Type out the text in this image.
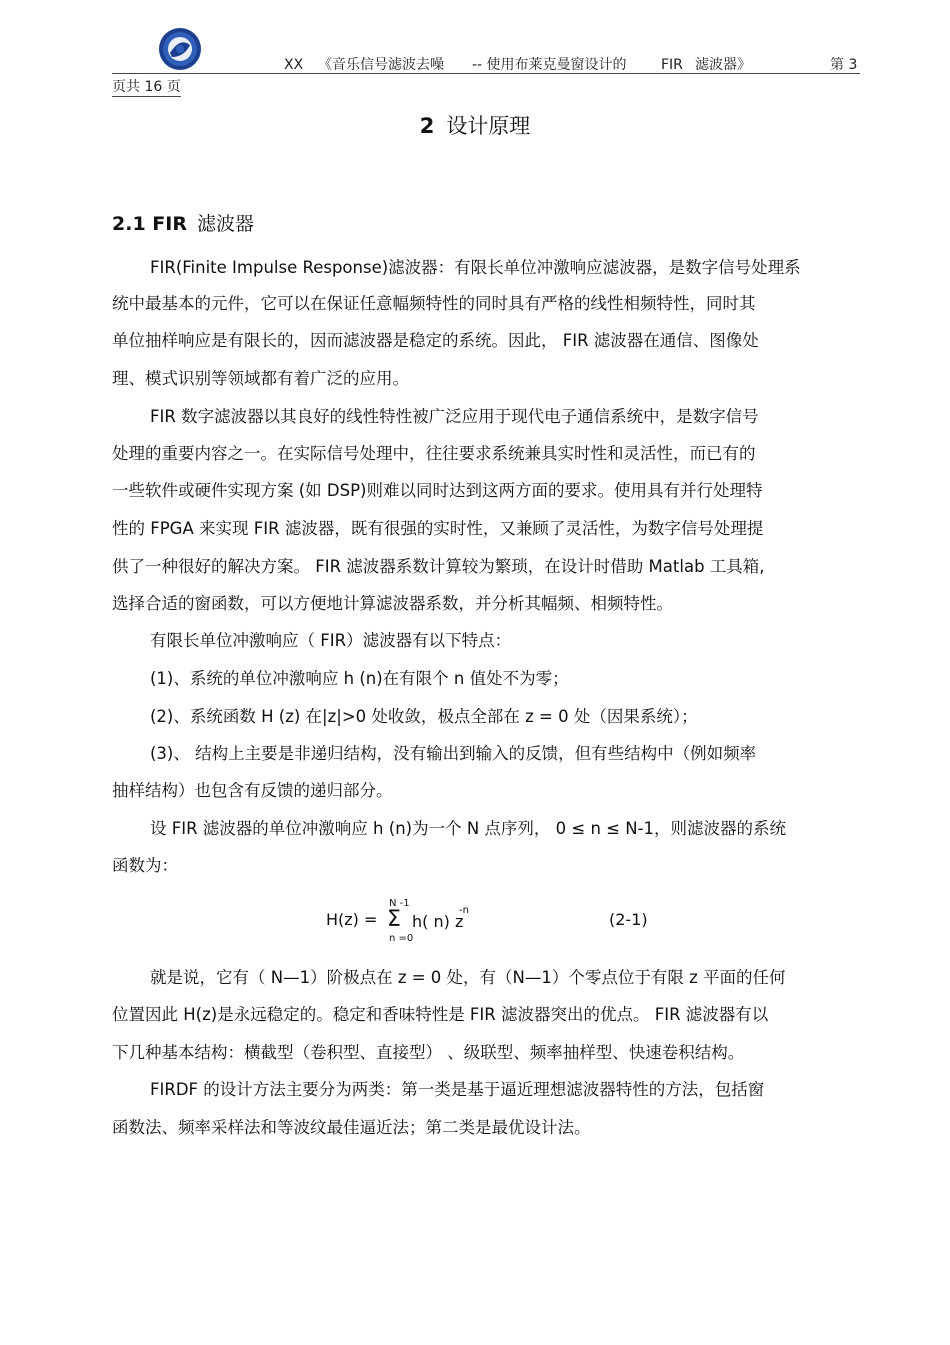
XX 《音乐信号滤波去噪 -- 使用布莱克曼窗设计的 FIR 滤波器》	第 3
页共 16 页
2 设计原理
2.1 FIR 滤波器
FIR(Finite Impulse Response)滤波器：有限长单位冲激响应滤波器，是数字信号处理系
统中最基本的元件，它可以在保证任意幅频特性的同时具有严格的线性相频特性，同时其
单位抽样响应是有限长的，因而滤波器是稳定的系统。因此， FIR 滤波器在通信、图像处
理、模式识别等领域都有着广泛的应用。
FIR 数字滤波器以其良好的线性特性被广泛应用于现代电子通信系统中，是数字信号
处理的重要内容之一。在实际信号处理中，往往要求系统兼具实时性和灵活性，而已有的
一些软件或硬件实现方案 (如 DSP)则难以同时达到这两方面的要求。使用具有并行处理特
性的 FPGA 来实现 FIR 滤波器，既有很强的实时性，又兼顾了灵活性，为数字信号处理提
供了一种很好的解决方案。 FIR 滤波器系数计算较为繁琐，在设计时借助 Matlab 工具箱,
选择合适的窗函数，可以方便地计算滤波器系数，并分析其幅频、相频特性。
有限长单位冲激响应（ FIR）滤波器有以下特点：
(1)、系统的单位冲激响应 h (n)在有限个 n 值处不为零；
(2)、系统函数 H (z) 在|z|>0 处收敛，极点全部在 z = 0 处（因果系统）；
(3)、 结构上主要是非递归结构，没有输出到输入的反馈，但有些结构中（例如频率
抽样结构）也包含有反馈的递归部分。
设 FIR 滤波器的单位冲激响应 h (n)为一个 N 点序列， 0 ≤ n ≤ N-1，则滤波器的系统
函数为：
H(z) =
N -1
Σ
n =0
h( n) z
-n	(2-1)
就是说，它有（ N—1）阶极点在 z = 0 处，有（N—1）个零点位于有限 z 平面的任何
位置因此 H(z)是永远稳定的。稳定和香味特性是 FIR 滤波器突出的优点。 FIR 滤波器有以
下几种基本结构：横截型（卷积型、直接型） 、级联型、频率抽样型、快速卷积结构。
FIRDF 的设计方法主要分为两类：第一类是基于逼近理想滤波器特性的方法，包括窗
函数法、频率采样法和等波纹最佳逼近法；第二类是最优设计法。
